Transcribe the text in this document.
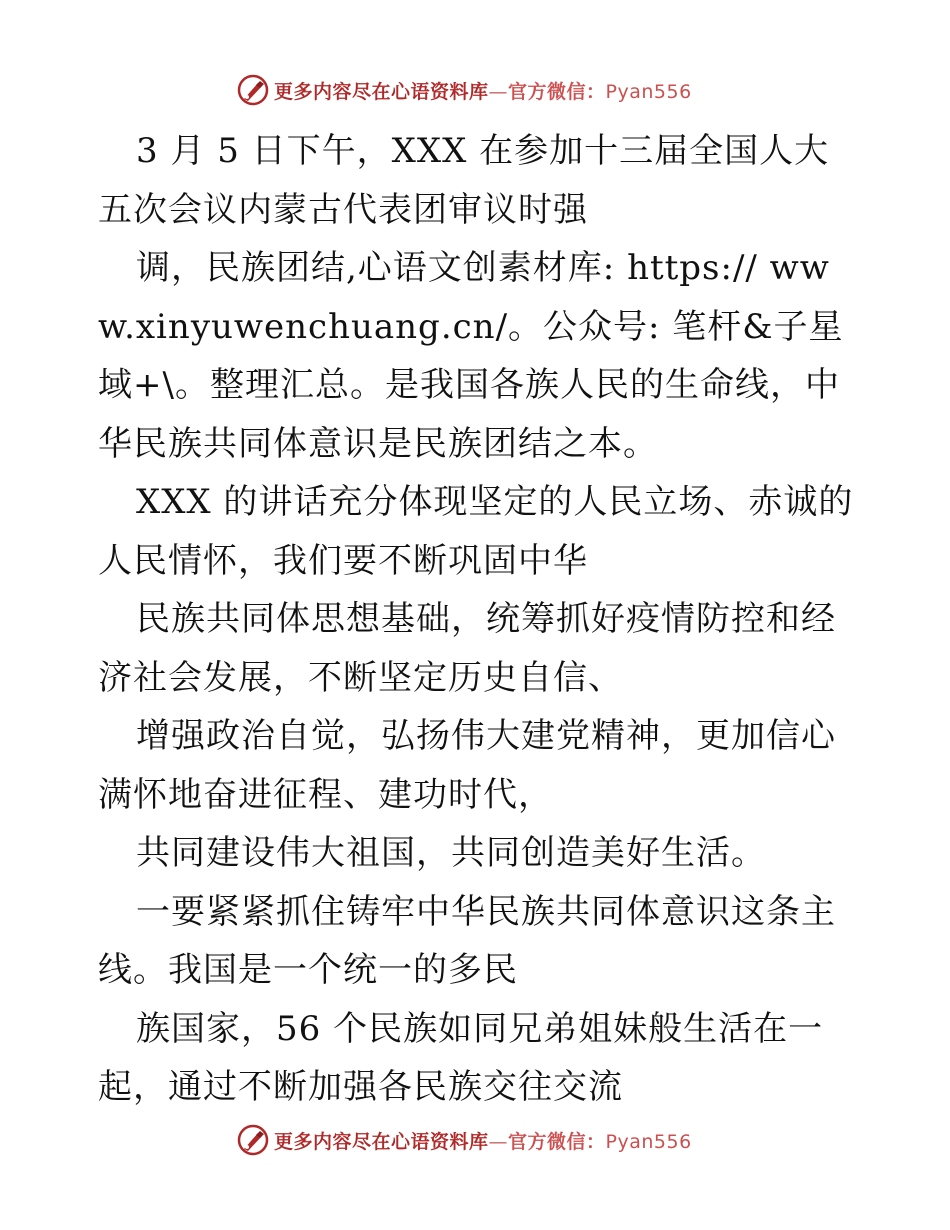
更多内容尽在心语资料库—官方微信：Pyan556

3 月 5 日下午，XXX 在参加十三届全国人大五次会议内蒙古代表团审议时强

调，民族团结,心语文创素材库: https:// www.xinyuwenchuang.cn/。公众号: 笔杆&子星域+\。整理汇总。是我国各族人民的生命线，中华民族共同体意识是民族团结之本。

XXX 的讲话充分体现坚定的人民立场、赤诚的人民情怀，我们要不断巩固中华

民族共同体思想基础，统筹抓好疫情防控和经济社会发展，不断坚定历史自信、

增强政治自觉，弘扬伟大建党精神，更加信心满怀地奋进征程、建功时代，

共同建设伟大祖国，共同创造美好生活。

一要紧紧抓住铸牢中华民族共同体意识这条主线。我国是一个统一的多民

族国家，56 个民族如同兄弟姐妹般生活在一起，通过不断加强各民族交往交流

更多内容尽在心语资料库—官方微信：Pyan556
